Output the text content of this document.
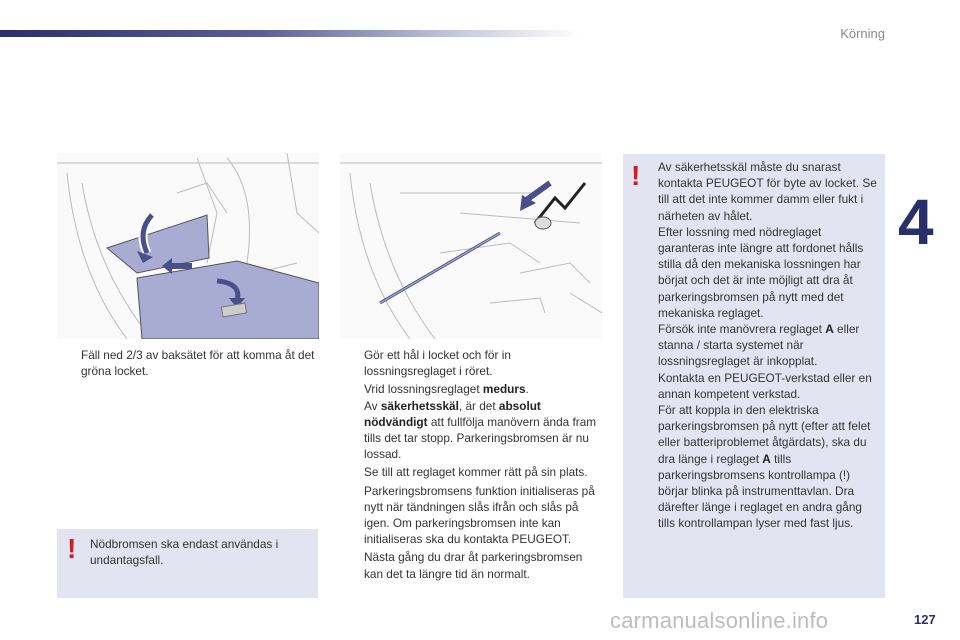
Körning
4
Fäll ned 2/3 av baksätet för att komma åt det gröna locket.
! Nödbromsen ska endast användas i undantagsfall.
Gör ett hål i locket och för in lossningsreglaget i röret.
Vrid lossningsreglaget medurs.
Av säkerhetsskäl, är det absolut nödvändigt att fullfölja manövern ända fram tills det tar stopp. Parkeringsbromsen är nu lossad.
Se till att reglaget kommer rätt på sin plats.
Parkeringsbromsens funktion initialiseras på nytt när tändningen slås ifrån och slås på igen. Om parkeringsbromsen inte kan initialiseras ska du kontakta PEUGEOT.
Nästa gång du drar åt parkeringsbromsen kan det ta längre tid än normalt.
! Av säkerhetsskäl måste du snarast kontakta PEUGEOT för byte av locket. Se till att det inte kommer damm eller fukt i närheten av hålet.

Efter lossning med nödreglaget garanteras inte längre att fordonet hålls stilla då den mekaniska lossningen har börjat och det är inte möjligt att dra åt parkeringsbromsen på nytt med det mekaniska reglaget.

Försök inte manövrera reglaget A eller stanna / starta systemet när lossningsreglaget är inkopplat.

Kontakta en PEUGEOT-verkstad eller en annan kompetent verkstad.

För att koppla in den elektriska parkeringsbromsen på nytt (efter att felet eller batteriproblemet åtgärdats), ska du dra länge i reglaget A tills parkeringsbromsens kontrollampa (!) börjar blinka på instrumenttavlan. Dra därefter länge i reglaget en andra gång tills kontrollampan lyser med fast ljus.

carmanualsonline.info	127
